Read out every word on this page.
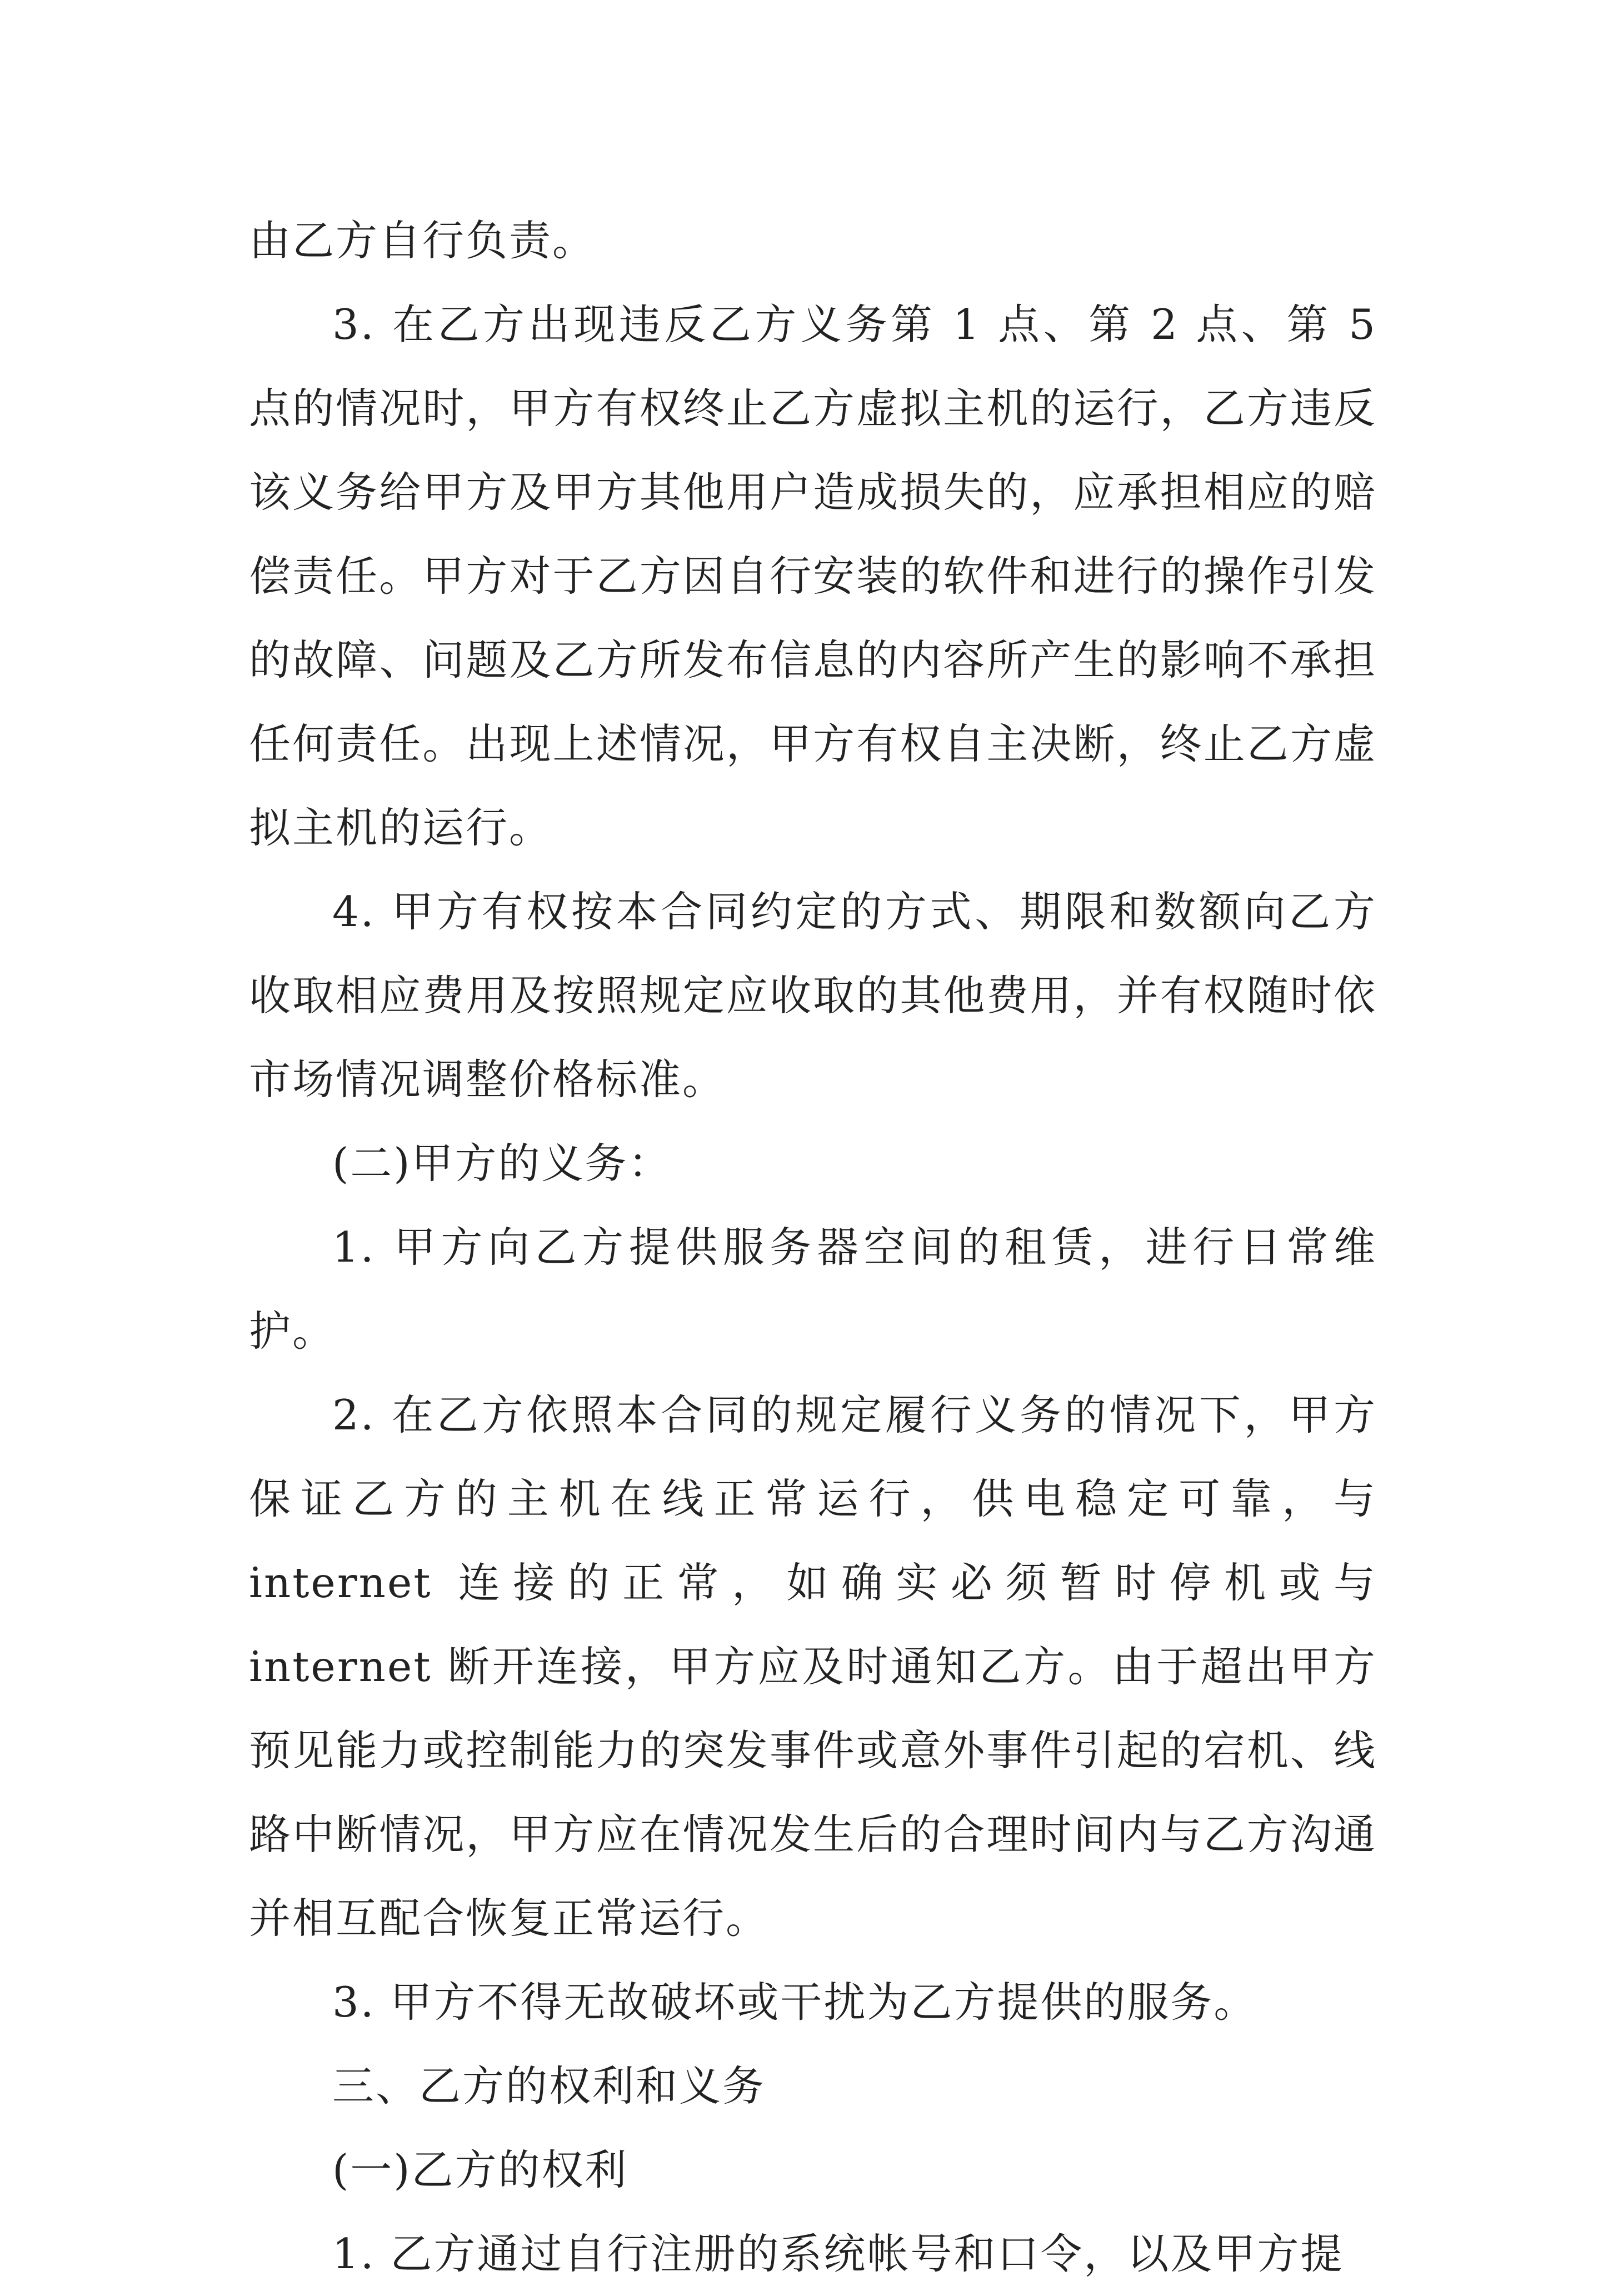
由乙方自行负责。

3. 在乙方出现违反乙方义务第 1 点、第 2 点、第 5 点的情况时，甲方有权终止乙方虚拟主机的运行，乙方违反该义务给甲方及甲方其他用户造成损失的，应承担相应的赔偿责任。甲方对于乙方因自行安装的软件和进行的操作引发的故障、问题及乙方所发布信息的内容所产生的影响不承担任何责任。出现上述情况，甲方有权自主决断，终止乙方虚拟主机的运行。

4. 甲方有权按本合同约定的方式、期限和数额向乙方收取相应费用及按照规定应收取的其他费用，并有权随时依市场情况调整价格标准。

(二)甲方的义务：

1. 甲方向乙方提供服务器空间的租赁，进行日常维护。

2. 在乙方依照本合同的规定履行义务的情况下，甲方保证乙方的主机在线正常运行，供电稳定可靠，与 internet 连接的正常，如确实必须暂时停机或与 internet 断开连接，甲方应及时通知乙方。由于超出甲方预见能力或控制能力的突发事件或意外事件引起的宕机、线路中断情况，甲方应在情况发生后的合理时间内与乙方沟通并相互配合恢复正常运行。

3. 甲方不得无故破坏或干扰为乙方提供的服务。

三、乙方的权利和义务

(一)乙方的权利

1. 乙方通过自行注册的系统帐号和口令，以及甲方提
